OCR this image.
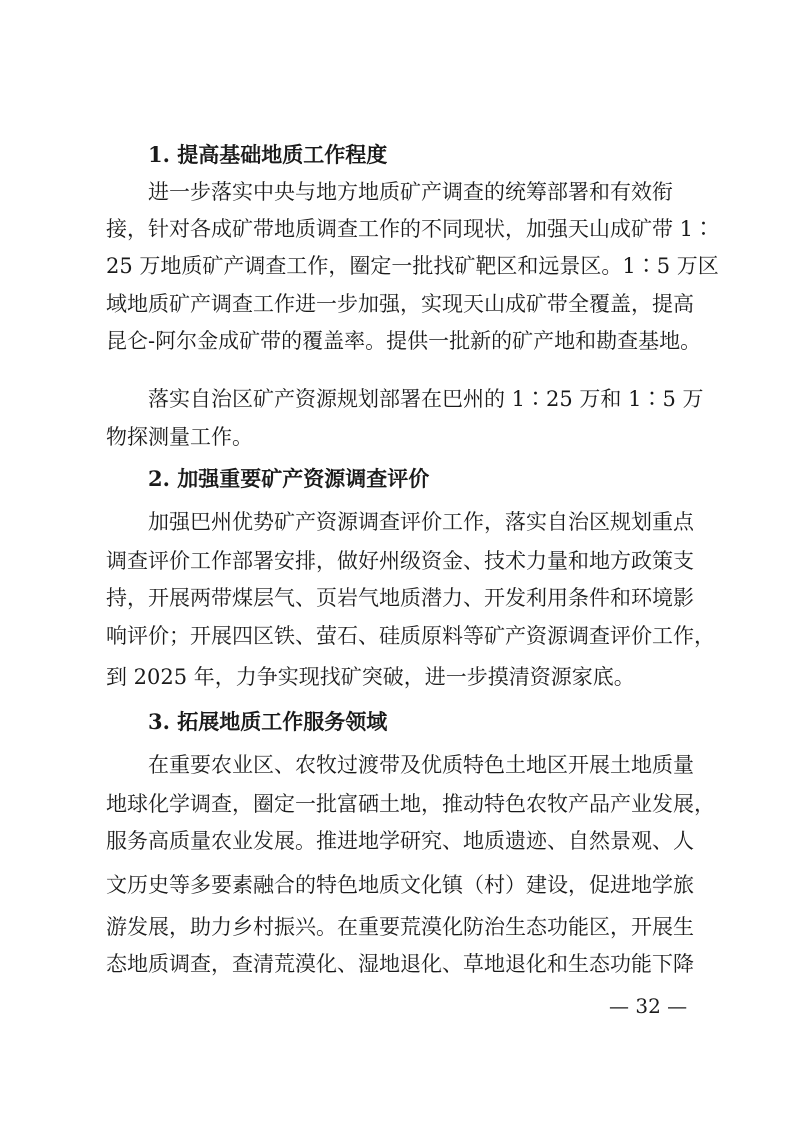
1. 提高基础地质工作程度
进一步落实中央与地方地质矿产调查的统筹部署和有效衔
接，针对各成矿带地质调查工作的不同现状，加强天山成矿带 1∶
25 万地质矿产调查工作，圈定一批找矿靶区和远景区。1∶5 万区
域地质矿产调查工作进一步加强，实现天山成矿带全覆盖，提高
昆仑-阿尔金成矿带的覆盖率。提供一批新的矿产地和勘查基地。
落实自治区矿产资源规划部署在巴州的 1∶25 万和 1∶5 万
物探测量工作。
2. 加强重要矿产资源调查评价
加强巴州优势矿产资源调查评价工作，落实自治区规划重点
调查评价工作部署安排，做好州级资金、技术力量和地方政策支
持，开展两带煤层气、页岩气地质潜力、开发利用条件和环境影
响评价；开展四区铁、萤石、硅质原料等矿产资源调查评价工作，
到 2025 年，力争实现找矿突破，进一步摸清资源家底。
3. 拓展地质工作服务领域
在重要农业区、农牧过渡带及优质特色土地区开展土地质量
地球化学调查，圈定一批富硒土地，推动特色农牧产品产业发展，
服务高质量农业发展。推进地学研究、地质遗迹、自然景观、人
文历史等多要素融合的特色地质文化镇（村）建设，促进地学旅
游发展，助力乡村振兴。在重要荒漠化防治生态功能区，开展生
态地质调查，查清荒漠化、湿地退化、草地退化和生态功能下降
— 32 —
